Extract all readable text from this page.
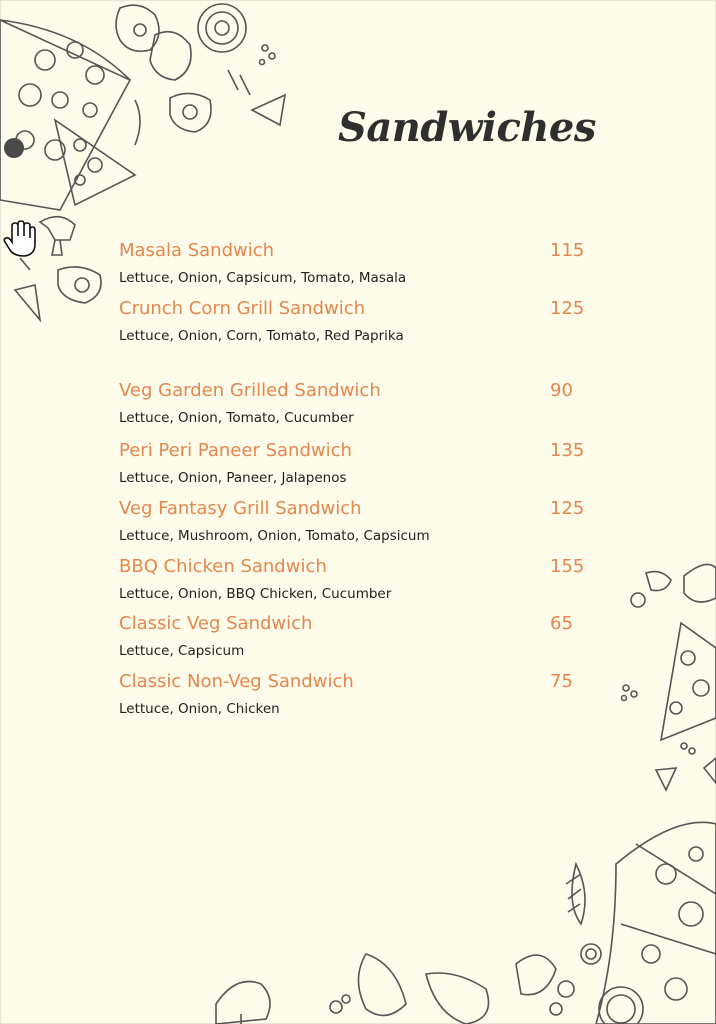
Sandwiches
Masala Sandwich	115
Lettuce, Onion, Capsicum, Tomato, Masala
Crunch Corn Grill Sandwich	125
Lettuce, Onion, Corn, Tomato, Red Paprika
Veg Garden Grilled Sandwich	90
Lettuce, Onion, Tomato, Cucumber
Peri Peri Paneer Sandwich	135
Lettuce, Onion, Paneer, Jalapenos
Veg Fantasy Grill Sandwich	125
Lettuce, Mushroom, Onion, Tomato, Capsicum
BBQ Chicken Sandwich	155
Lettuce, Onion, BBQ Chicken, Cucumber
Classic Veg Sandwich	65
Lettuce, Capsicum
Classic Non-Veg Sandwich	75
Lettuce, Onion, Chicken
